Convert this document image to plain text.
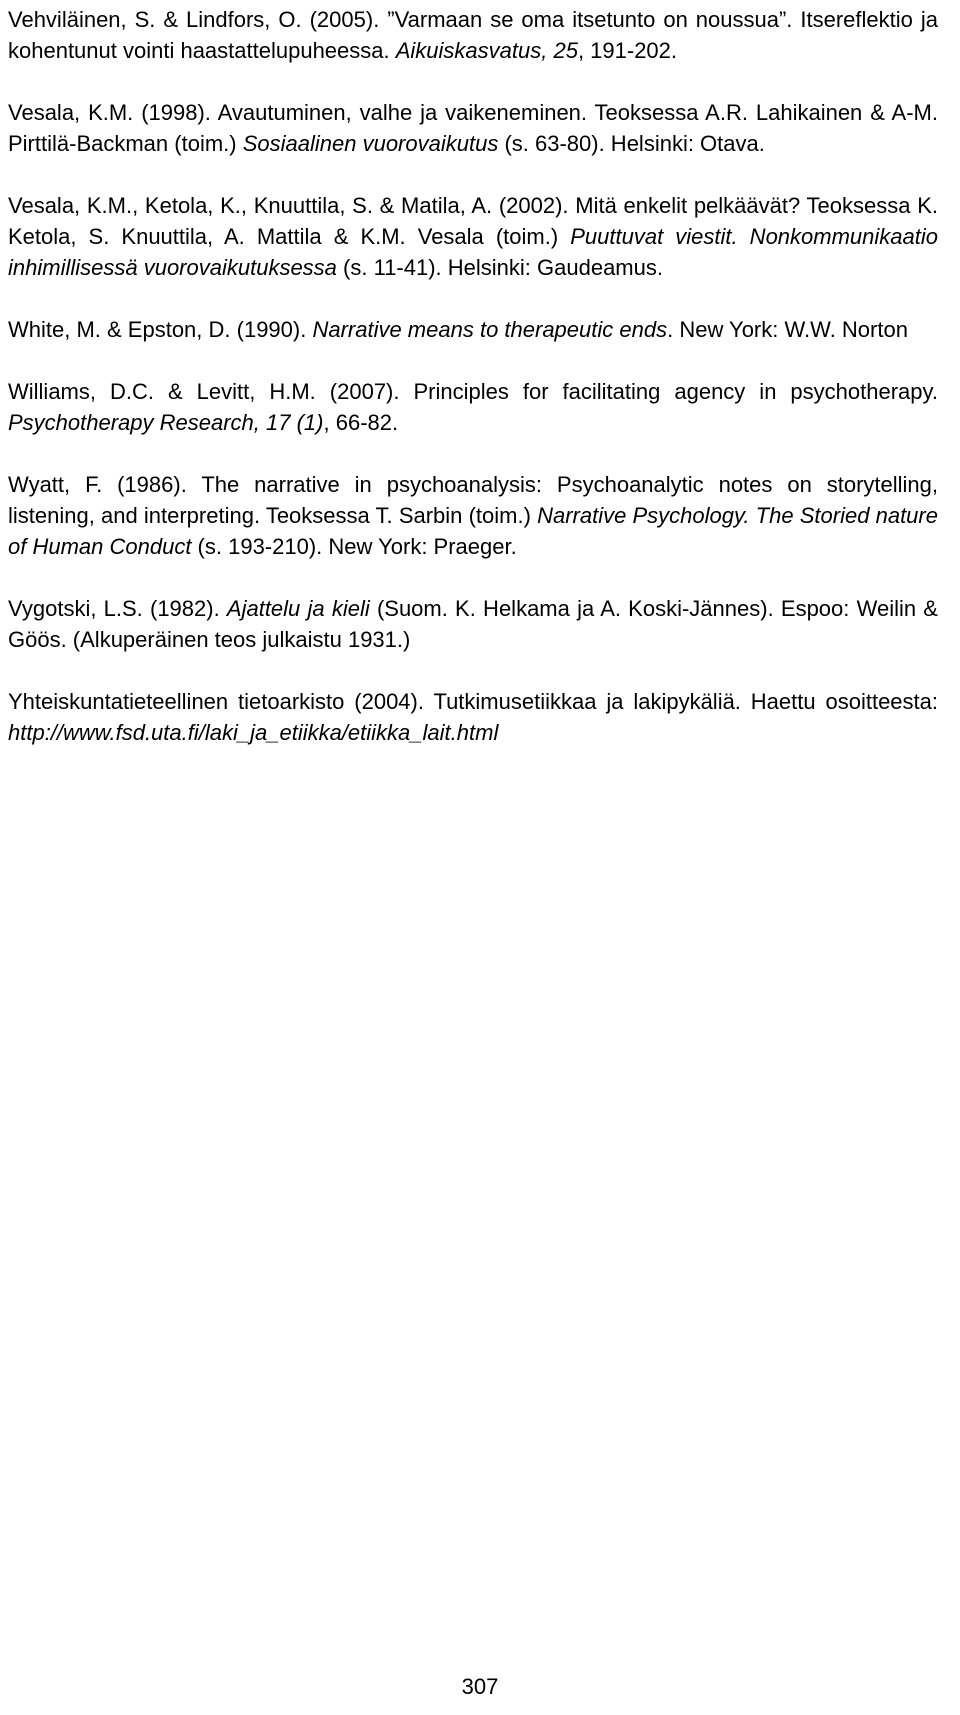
Vehviläinen, S. & Lindfors, O. (2005). ”Varmaan se oma itsetunto on noussua”. Itsereflektio ja kohentunut vointi haastattelupuheessa. Aikuiskasvatus, 25, 191-202.

Vesala, K.M. (1998). Avautuminen, valhe ja vaikeneminen. Teoksessa A.R. Lahikainen & A-M. Pirttilä-Backman (toim.) Sosiaalinen vuorovaikutus (s. 63-80). Helsinki: Otava.

Vesala, K.M., Ketola, K., Knuuttila, S. & Matila, A. (2002). Mitä enkelit pelkäävät? Teoksessa K. Ketola, S. Knuuttila, A. Mattila & K.M. Vesala (toim.) Puuttuvat viestit. Nonkommunikaatio inhimillisessä vuorovaikutuksessa (s. 11-41). Helsinki: Gaudeamus.

White, M. & Epston, D. (1990). Narrative means to therapeutic ends. New York: W.W. Norton

Williams, D.C. & Levitt, H.M. (2007). Principles for facilitating agency in psychotherapy. Psychotherapy Research, 17 (1), 66-82.

Wyatt, F. (1986). The narrative in psychoanalysis: Psychoanalytic notes on storytelling, listening, and interpreting. Teoksessa T. Sarbin (toim.) Narrative Psychology. The Storied nature of Human Conduct (s. 193-210). New York: Praeger.

Vygotski, L.S. (1982). Ajattelu ja kieli (Suom. K. Helkama ja A. Koski-Jännes). Espoo: Weilin & Göös. (Alkuperäinen teos julkaistu 1931.)

Yhteiskuntatieteellinen tietoarkisto (2004). Tutkimusetiikkaa ja lakipykäliä. Haettu osoitteesta: http://www.fsd.uta.fi/laki_ja_etiikka/etiikka_lait.html

307
